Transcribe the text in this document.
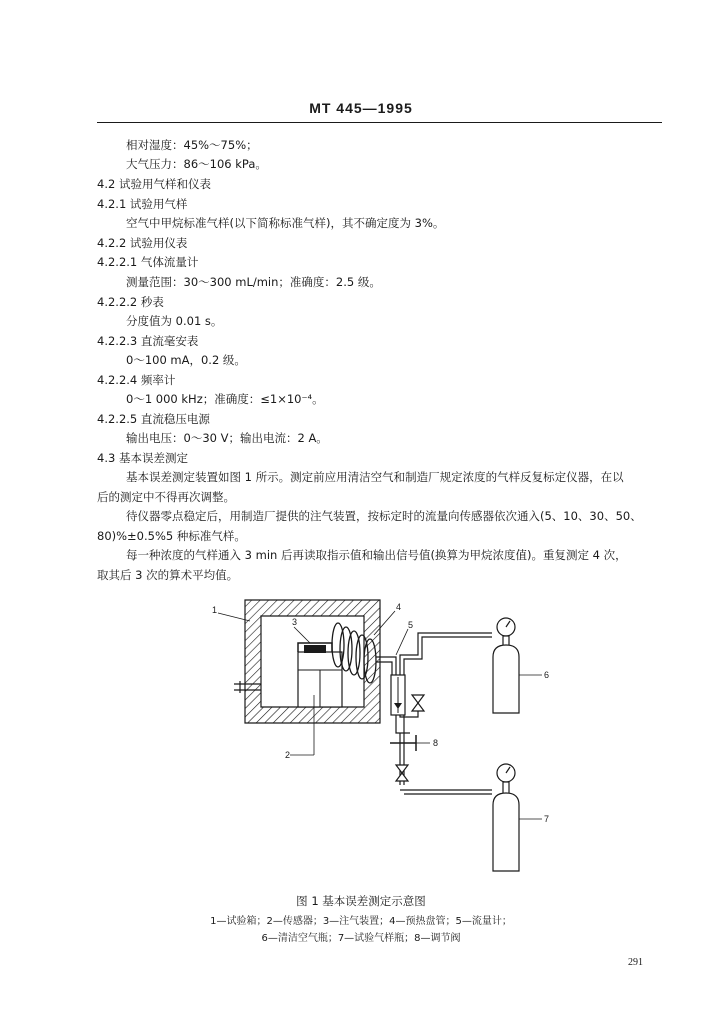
MT 445—1995
相对湿度：45%～75%；
大气压力：86～106 kPa。
4.2 试验用气样和仪表
4.2.1 试验用气样
空气中甲烷标准气样(以下简称标准气样)，其不确定度为 3%。
4.2.2 试验用仪表
4.2.2.1 气体流量计
测量范围：30～300 mL/min；准确度：2.5 级。
4.2.2.2 秒表
分度值为 0.01 s。
4.2.2.3 直流毫安表
0～100 mA，0.2 级。
4.2.2.4 频率计
0～1 000 kHz；准确度：≤1×10⁻⁴。
4.2.2.5 直流稳压电源
输出电压：0～30 V；输出电流：2 A。
4.3 基本误差测定
基本误差测定装置如图 1 所示。测定前应用清洁空气和制造厂规定浓度的气样反复标定仪器，在以
后的测定中不得再次调整。
待仪器零点稳定后，用制造厂提供的注气装置，按标定时的流量向传感器依次通入(5、10、30、50、
80)%±0.5%5 种标准气样。
每一种浓度的气样通入 3 min 后再读取指示值和输出信号值(换算为甲烷浓度值)。重复测定 4 次，
取其后 3 次的算术平均值。
1
2
3
4
5
6
7
8
图 1 基本误差测定示意图
1—试验箱；2—传感器；3—注气装置；4—预热盘管；5—流量计；
6—清洁空气瓶；7—试验气样瓶；8—调节阀
291
